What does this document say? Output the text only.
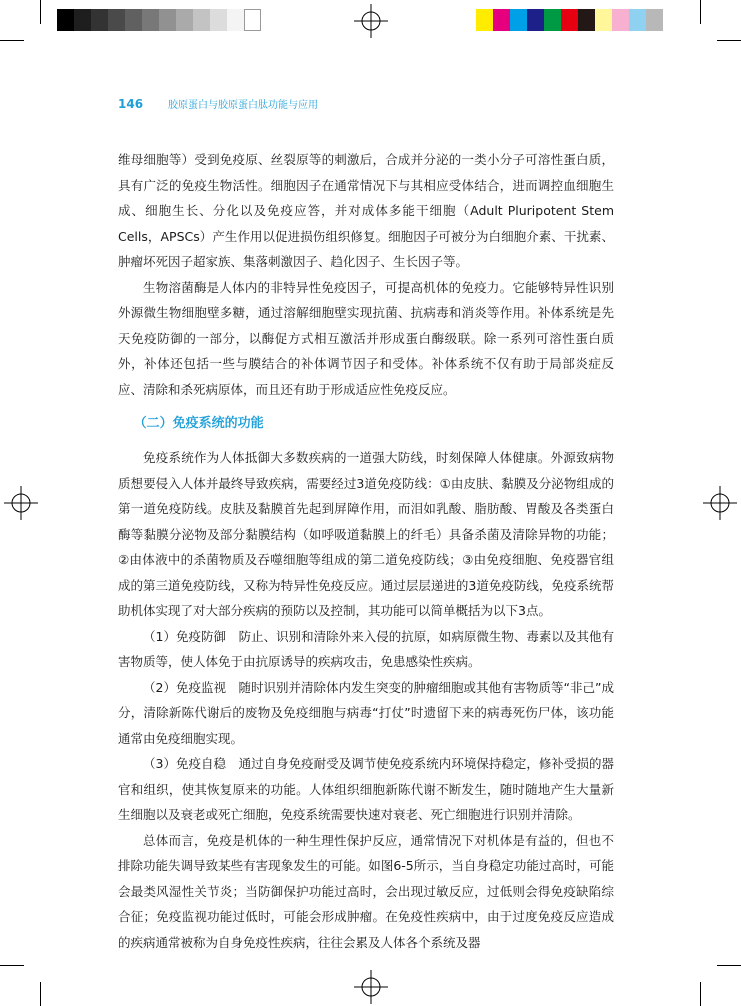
146	胶原蛋白与胶原蛋白肽功能与应用

维母细胞等）受到免疫原、丝裂原等的刺激后，合成并分泌的一类小分子可溶性蛋白质，具有广泛的免疫生物活性。细胞因子在通常情况下与其相应受体结合，进而调控血细胞生成、细胞生长、分化以及免疫应答，并对成体多能干细胞（Adult Pluripotent Stem Cells，APSCs）产生作用以促进损伤组织修复。细胞因子可被分为白细胞介素、干扰素、肿瘤坏死因子超家族、集落刺激因子、趋化因子、生长因子等。

生物溶菌酶是人体内的非特异性免疫因子，可提高机体的免疫力。它能够特异性识别外源微生物细胞壁多糖，通过溶解细胞壁实现抗菌、抗病毒和消炎等作用。补体系统是先天免疫防御的一部分，以酶促方式相互激活并形成蛋白酶级联。除一系列可溶性蛋白质外，补体还包括一些与膜结合的补体调节因子和受体。补体系统不仅有助于局部炎症反应、清除和杀死病原体，而且还有助于形成适应性免疫反应。

（二）免疫系统的功能

免疫系统作为人体抵御大多数疾病的一道强大防线，时刻保障人体健康。外源致病物质想要侵入人体并最终导致疾病，需要经过3道免疫防线：①由皮肤、黏膜及分泌物组成的第一道免疫防线。皮肤及黏膜首先起到屏障作用，而泪如乳酸、脂肪酸、胃酸及各类蛋白酶等黏膜分泌物及部分黏膜结构（如呼吸道黏膜上的纤毛）具备杀菌及清除异物的功能；②由体液中的杀菌物质及吞噬细胞等组成的第二道免疫防线；③由免疫细胞、免疫器官组成的第三道免疫防线，又称为特异性免疫反应。通过层层递进的3道免疫防线，免疫系统帮助机体实现了对大部分疾病的预防以及控制，其功能可以简单概括为以下3点。

（1）免疫防御　防止、识别和清除外来入侵的抗原，如病原微生物、毒素以及其他有害物质等，使人体免于由抗原诱导的疾病攻击，免患感染性疾病。

（2）免疫监视　随时识别并清除体内发生突变的肿瘤细胞或其他有害物质等“非己”成分，清除新陈代谢后的废物及免疫细胞与病毒“打仗”时遗留下来的病毒死伤尸体，该功能通常由免疫细胞实现。

（3）免疫自稳　通过自身免疫耐受及调节使免疫系统内环境保持稳定，修补受损的器官和组织，使其恢复原来的功能。人体组织细胞新陈代谢不断发生，随时随地产生大量新生细胞以及衰老或死亡细胞，免疫系统需要快速对衰老、死亡细胞进行识别并清除。

总体而言，免疫是机体的一种生理性保护反应，通常情况下对机体是有益的，但也不排除功能失调导致某些有害现象发生的可能。如图6-5所示，当自身稳定功能过高时，可能会最类风湿性关节炎；当防御保护功能过高时，会出现过敏反应，过低则会得免疫缺陷综合征；免疫监视功能过低时，可能会形成肿瘤。在免疫性疾病中，由于过度免疫反应造成的疾病通常被称为自身免疫性疾病，往往会累及人体各个系统及器
